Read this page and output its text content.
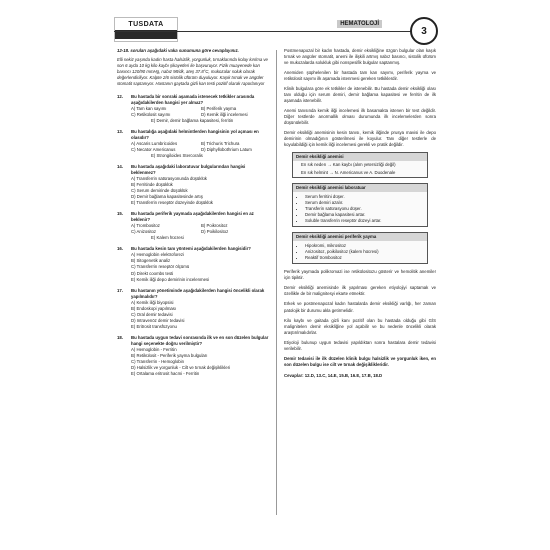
TUSDATA	HEMATOLOJİ
3
12-18. soruları aşağıdaki vaka sunumuna göre cevaplayınız.
Elli sekiz yaşında kadın hasta halsizlik, yorgunluk, tırnaklarında kolay kırılma ve son 6 ayda 10 kg kilo kaybı şikayetleri ile başvuruyor. Fizik muayenede kan basıncı 120/90 mmHg, nabız 98/dk, ateş 37.8°C, mukozalar soluk olarak değerlendiriliyor. Kalpte 2/6 sistolik üfürüm duyuluyor. Kaşık tırnak ve angüler stomatit saptanıyor. Hastanın gaytada gizli kan testi pozitif olarak raporlanıyor
12.	Bu hastada bir sonraki aşamada istenecek tetkikler arasında aşağıdakilerden hangisi yer almaz?
A) Tam kan sayımı	B) Periferik yayma
C) Retikülosit sayımı	D) Kemik iliği incelemesi
E) Demir, demir bağlama kapasitesi, ferritin
13.	Bu hastalığa aşağıdaki helmintlerden hangisinin yol açması en olasıdır?
A) Ascaris Lumbricoides	B) Trichuris Trichura
C) Necator Americanus	D) Diphyllobothrium Latum
E) Strongiloides Stercoralis
14.	Bu hastada aşağıdaki laboratuvar bulgularından hangisi beklenmez?
A) Transferrin satürasyonunda düşüklük
B) Ferritinde düşüklük
C) Serum demirinde düşüklük
D) Demir bağlama kapasitesinde artış
E) Transferrin reseptör düzeyinde düşüklük
15.	Bu hastada periferik yaymada aşağıdakilerden hangisi en az beklenir?
A) Trombositoz	B) Poikrositoz
C) Anizositoz	D) Poikilositoz
E) Kalem hücresi
16.	Bu hastada kesin tanı yöntemi aşağıdakilerden hangisidir?
A) Hemoglobin elektroforezi
B) Sitogenetik analiz
C) Transferrin reseptör ölçümü
D) Direkt coombs testi
E) Kemik iliği depo demirinin incelenmesi
17.	Bu hastanın yönetiminde aşağıdakilerden hangisi öncelikli olarak yapılmalıdır?
A) Kemik iliği biyopsisi
B) Endoskopi yapılması
C) Oral demir tedavisi
D) Intravenöz demir tedavisi
E) Eritrosit transfüzyonu
18.	Bu hastada uygun tedavi sonrasında ilk ve en son düzelen bulgular hangi seçenekte doğru verilmiştir?
A) Hemoglobin - Ferritin
B) Retikülosit - Periferik yayma bulguları
C) Transferrin - Hemoglobin
D) Halsizlik ve yorgunluk - Cilt ve tırnak değişiklikleri
E) Ortalama eritrosit hacmi - Ferritin
Postmenapozal bir kadın hastada, demir eksikliğine özgün bulgular olan kaşık tırnak ve angüler stomatit, anemi ile ilişkili artmış nabız basıncı, sistolik üfürüm ve mukozalarda solukluk gibi nonspesifik bulgular saptanmış.
Anemiden şüphelenilen bir hastada tam kan sayımı, periferik yayma ve retikülosit sayımı ilk aşamada istenmesi gereken tetkiklerdir.
Klinik bulgulara göre ek tetkikler de istenebilir. Bu hastada demir eksikliği olası tanı olduğu için serum demiri, demir bağlama kapasitesi ve ferritin de ilk aşamada istenebilir.
Anemi tanısında kemik iliği incelemesi ilk basamakta istenen bir test değildir. Diğer testlerde anormallik olması durumunda ilk incelemelerden sonra düşünülebilir.
Demir eksikliği anemisinin kesin tanısı, kemik iliğinde prusya mavisi ile depo demirinin olmadığının gösterilmesi ile koyulur. Tanı diğer testlerle de koyulabildiği için kemik iliği incelemesi gerekli ve pratik değildir.
Demir eksikliği anemisi
En sık neden → Kan kaybı (alım yetersizliği değil)
En sık helmint → N. Americanus ve A. Duodenale
Demir eksikliği anemisi laboratuar
• Serum ferritini düşer.
• Serum demiri azalır.
• Transferin satürasyonu düşer.
• Demir bağlama kapasitesi artar.
• Soluble transferrin reseptör düzeyi artar.
Demir eksikliği anemisi periferik yayma
• Hipokromi, mikrositoz
• Anizositoz, poikilositoz (kalem hücresi)
• Reaktif trombositoz
Periferik yaymada polikromazi ise retikülositozu gösterir ve hemolitik anemiler için tipiktir.
Demir eksikliği anemisinde ilk yapılması gereken etiyolojiyi saptamak ve özellikle de bir malignitesyi ekarte etmektir.
Erkek ve postmenapozal kadın hastalarda demir eksikliği varlığı, her zaman patolojik bir durumu akla getirmelidir.
Kilo kaybı ve gaitada gizli kanı pozitif olan bu hastada olduğu gibi GİS malignitelerı demir eksikliğine yol açabilir ve bu nedenle öncelikli olarak araştırılmalıdırlar.
Etiyoloji bulunup uygun tedavisi yapıldıktan sonra hastalara demir tedavisi verilebilir.
Demir tedavisi ile ilk düzelen klinik bulgu halsizlik ve yorgunluk iken, en son düzelen bulgu ise cilt ve tırnak değişiklikleridir.
Cevaplar: 12.D, 13.C, 14.E, 15.B, 16.E, 17.B, 18.D
